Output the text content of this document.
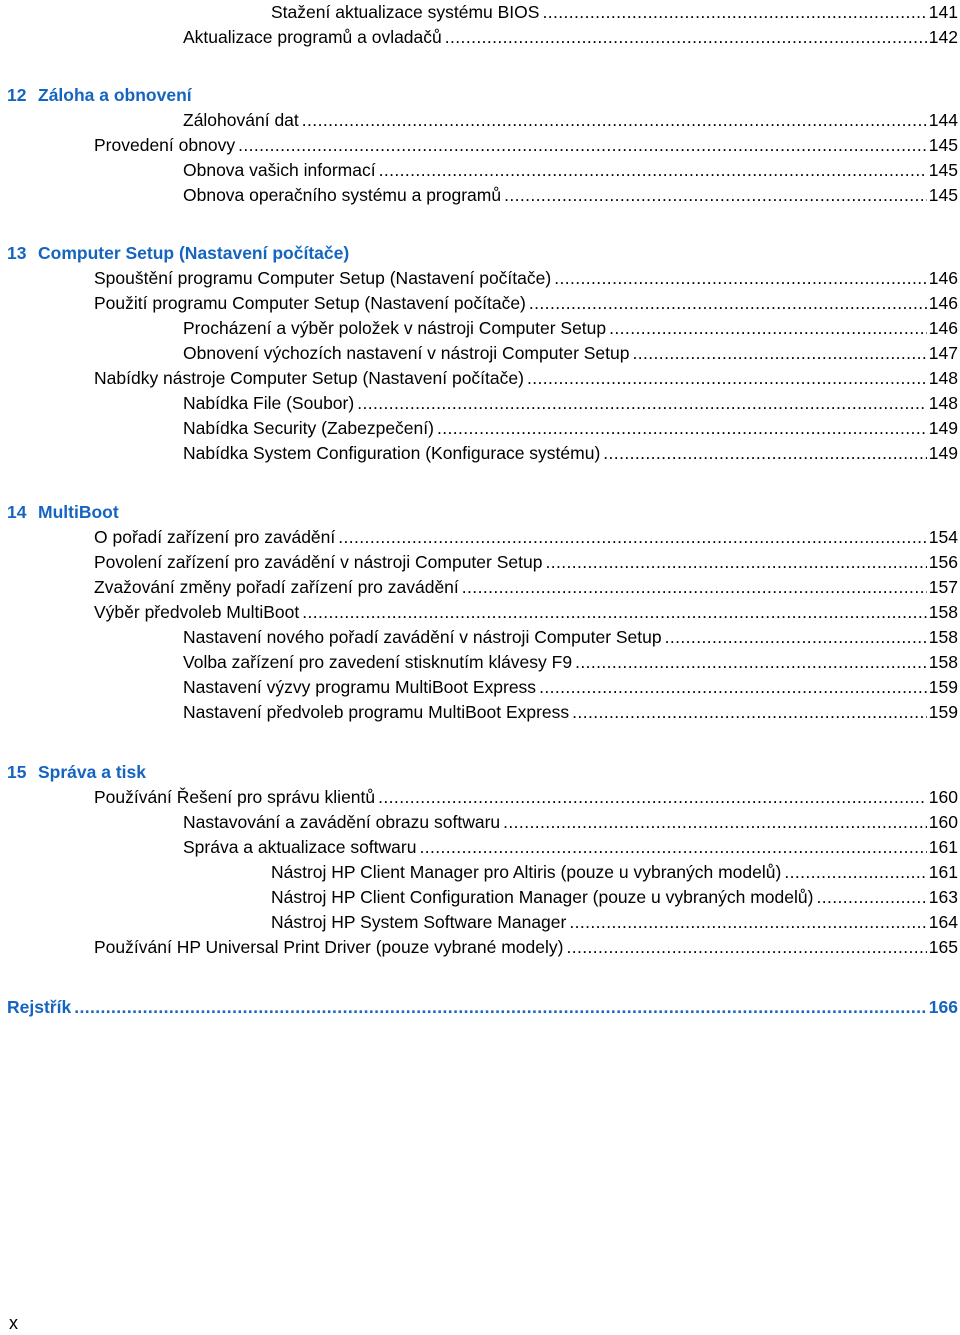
Stažení aktualizace systému BIOS .....	141
Aktualizace programů a ovladačů .....	142
12 Záloha a obnovení
Zálohování dat .....	144
Provedení obnovy .....	145
Obnova vašich informací .....	145
Obnova operačního systému a programů .....	145
13 Computer Setup (Nastavení počítače)
Spouštění programu Computer Setup (Nastavení počítače) .....	146
Použití programu Computer Setup (Nastavení počítače) .....	146
Procházení a výběr položek v nástroji Computer Setup .....	146
Obnovení výchozích nastavení v nástroji Computer Setup .....	147
Nabídky nástroje Computer Setup (Nastavení počítače) .....	148
Nabídka File (Soubor) .....	148
Nabídka Security (Zabezpečení) .....	149
Nabídka System Configuration (Konfigurace systému) .....	149
14 MultiBoot
O pořadí zařízení pro zavádění .....	154
Povolení zařízení pro zavádění v nástroji Computer Setup .....	156
Zvažování změny pořadí zařízení pro zavádění .....	157
Výběr předvoleb MultiBoot .....	158
Nastavení nového pořadí zavádění v nástroji Computer Setup .....	158
Volba zařízení pro zavedení stisknutím klávesy F9 .....	158
Nastavení výzvy programu MultiBoot Express .....	159
Nastavení předvoleb programu MultiBoot Express .....	159
15 Správa a tisk
Používání Řešení pro správu klientů .....	160
Nastavování a zavádění obrazu softwaru .....	160
Správa a aktualizace softwaru .....	161
Nástroj HP Client Manager pro Altiris (pouze u vybraných modelů) .....	161
Nástroj HP Client Configuration Manager (pouze u vybraných modelů) .....	163
Nástroj HP System Software Manager .....	164
Používání HP Universal Print Driver (pouze vybrané modely) .....	165
Rejstřík .....	166
x
